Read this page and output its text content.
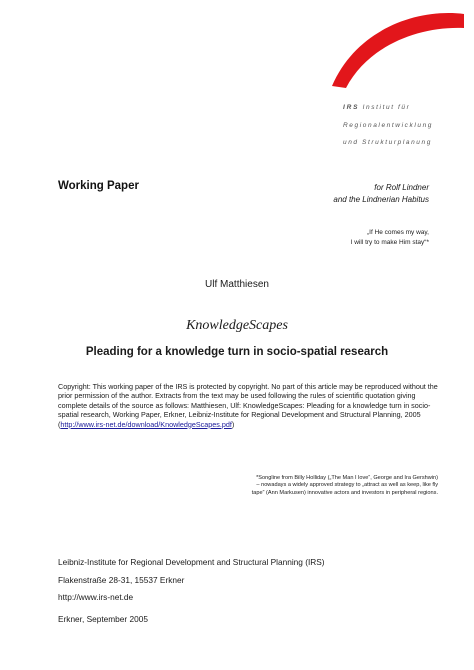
IRS Institut für
Regionalentwicklung
und Strukturplanung
Working Paper	for Rolf Lindner
and the Lindnerian Habitus
„If He comes my way,
I will try to make Him stay“*
Ulf Matthiesen
KnowledgeScapes
Pleading for a knowledge turn in socio-spatial research
Copyright: This working paper of the IRS is protected by copyright. No part of this article may be reproduced without the prior permission of the author. Extracts from the text may be used following the rules of scientific quotation giving complete details of the source as follows: Matthiesen, Ulf: KnowledgeScapes: Pleading for a knowledge turn in socio-spatial research, Working Paper, Erkner, Leibniz-Institute for Regional Development and Structural Planning, 2005
(http://www.irs-net.de/download/KnowledgeScapes.pdf)
*Songline from Billy Holliday („The Man I love“, George and Ira Gershwin)
– nowadays a widely approved strategy to „attract as well as keep, like fly
tape“ (Ann Markusen) innovative actors and investors in peripheral regions.
Leibniz-Institute for Regional Development and Structural Planning (IRS)
Flakenstraße 28-31, 15537 Erkner
http://www.irs-net.de
Erkner, September 2005
